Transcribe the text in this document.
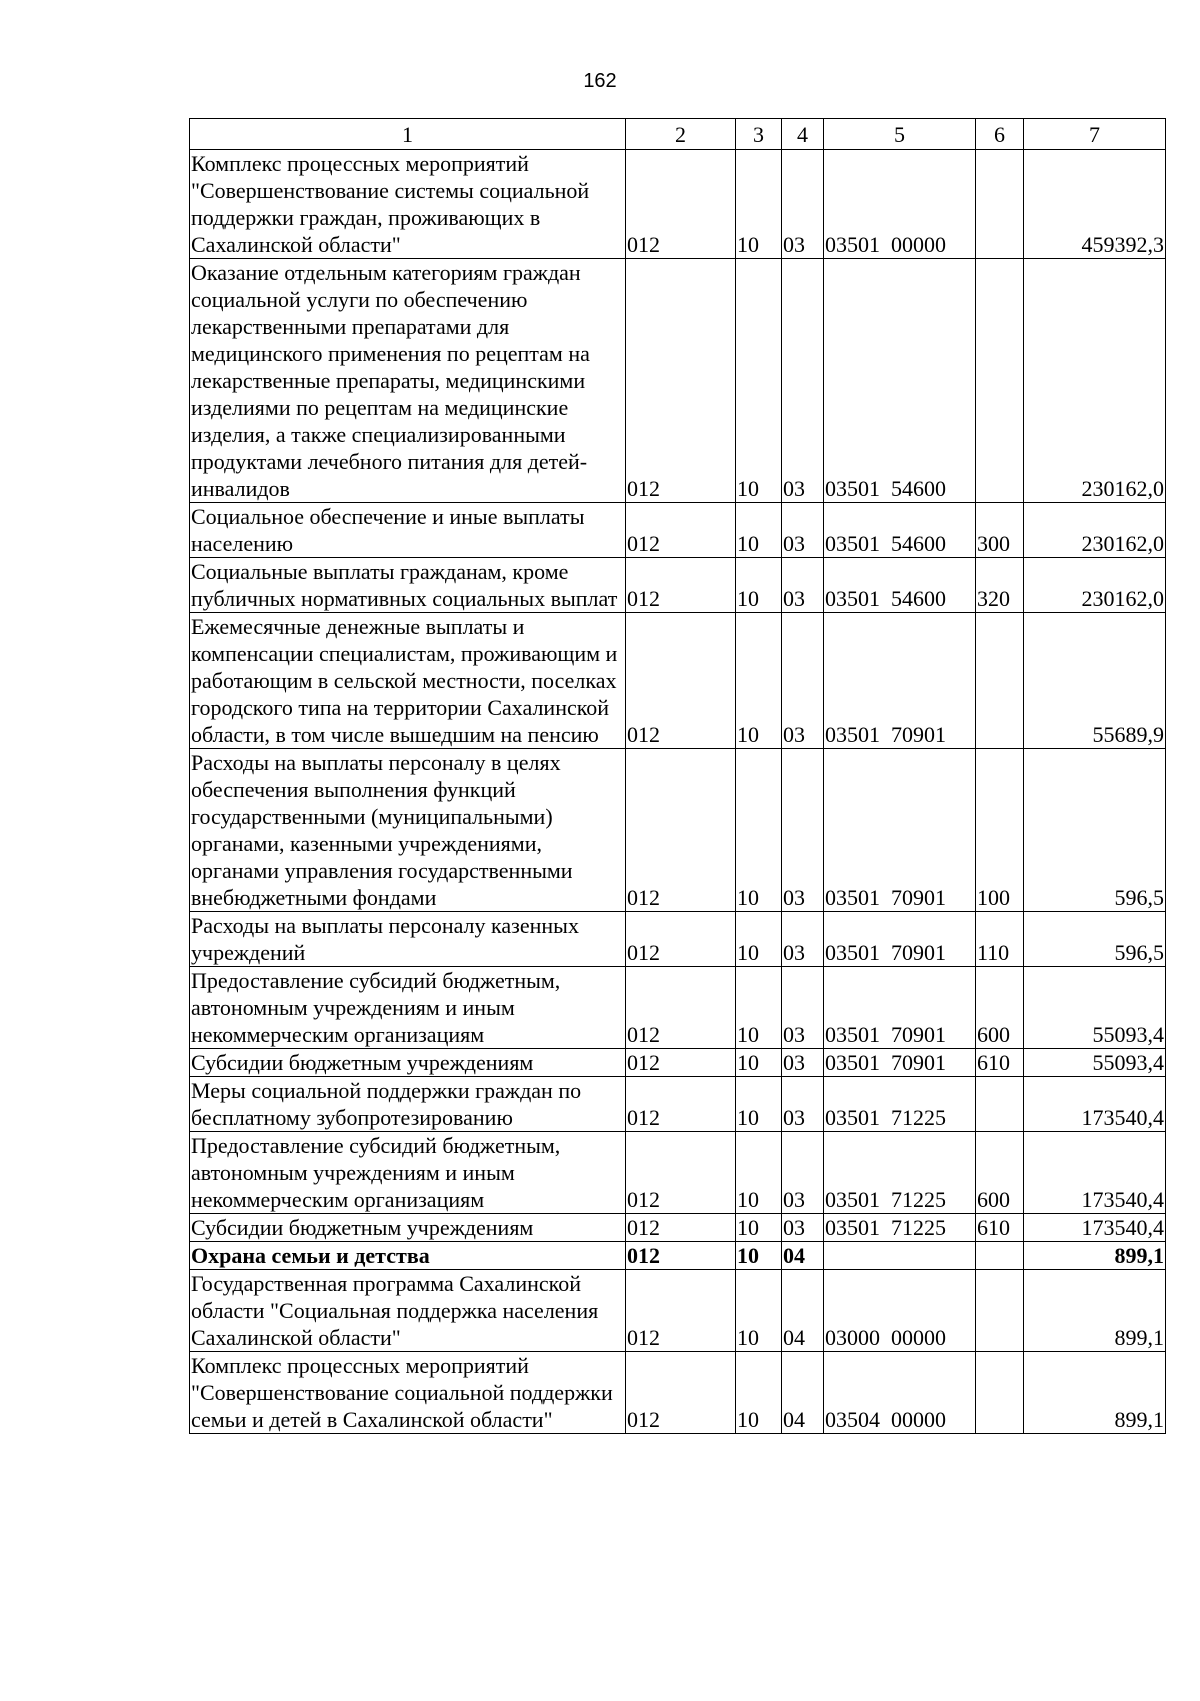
162
1	2	3	4	5	6	7
Комплекс процессных мероприятий "Совершенствование системы социальной поддержки граждан, проживающих в Сахалинской области"	012	10	03	03501  00000		459392,3
Оказание отдельным категориям граждан социальной услуги по обеспечению лекарственными препаратами для медицинского применения по рецептам на лекарственные препараты, медицинскими изделиями по рецептам на медицинские изделия, а также специализированными продуктами лечебного питания для детей-инвалидов	012	10	03	03501  54600		230162,0
Социальное обеспечение и иные выплаты населению	012	10	03	03501  54600	300	230162,0
Социальные выплаты гражданам, кроме публичных нормативных социальных выплат	012	10	03	03501  54600	320	230162,0
Ежемесячные денежные выплаты и компенсации специалистам, проживающим и работающим в сельской местности, поселках городского типа на территории Сахалинской области, в том числе вышедшим на пенсию	012	10	03	03501  70901		55689,9
Расходы на выплаты персоналу в целях обеспечения выполнения функций государственными (муниципальными) органами, казенными учреждениями, органами управления государственными внебюджетными фондами	012	10	03	03501  70901	100	596,5
Расходы на выплаты персоналу казенных учреждений	012	10	03	03501  70901	110	596,5
Предоставление субсидий бюджетным, автономным учреждениям и иным некоммерческим организациям	012	10	03	03501  70901	600	55093,4
Субсидии бюджетным учреждениям	012	10	03	03501  70901	610	55093,4
Меры социальной поддержки граждан по бесплатному зубопротезированию	012	10	03	03501  71225		173540,4
Предоставление субсидий бюджетным, автономным учреждениям и иным некоммерческим организациям	012	10	03	03501  71225	600	173540,4
Субсидии бюджетным учреждениям	012	10	03	03501  71225	610	173540,4
Охрана семьи и детства	012	10	04			899,1
Государственная программа Сахалинской области "Социальная поддержка населения Сахалинской области"	012	10	04	03000  00000		899,1
Комплекс процессных мероприятий "Совершенствование социальной поддержки семьи и детей в Сахалинской области"	012	10	04	03504  00000		899,1
